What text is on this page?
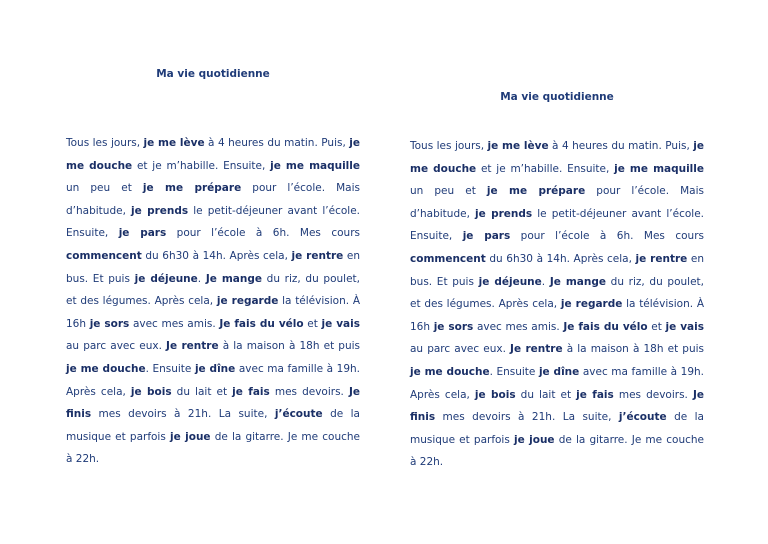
Ma vie quotidienne

Tous les jours, je me lève à 4 heures du matin. Puis, je me douche et je m’habille. Ensuite, je me maquille un peu et je me prépare pour l’école. Mais d’habitude, je prends le petit-déjeuner avant l’école. Ensuite, je pars pour l’école à 6h. Mes cours commencent du 6h30 à 14h. Après cela, je rentre en bus. Et puis je déjeune. Je mange du riz, du poulet, et des légumes. Après cela, je regarde la télévision. À 16h je sors avec mes amis. Je fais du vélo et je vais au parc avec eux. Je rentre à la maison à 18h et puis je me douche. Ensuite je dîne avec ma famille à 19h. Après cela, je bois du lait et je fais mes devoirs. Je finis mes devoirs à 21h. La suite, j’écoute de la musique et parfois je joue de la gitarre. Je me couche à 22h.

Ma vie quotidienne

Tous les jours, je me lève à 4 heures du matin. Puis, je me douche et je m’habille. Ensuite, je me maquille un peu et je me prépare pour l’école. Mais d’habitude, je prends le petit-déjeuner avant l’école. Ensuite, je pars pour l’école à 6h. Mes cours commencent du 6h30 à 14h. Après cela, je rentre en bus. Et puis je déjeune. Je mange du riz, du poulet, et des légumes. Après cela, je regarde la télévision. À 16h je sors avec mes amis. Je fais du vélo et je vais au parc avec eux. Je rentre à la maison à 18h et puis je me douche. Ensuite je dîne avec ma famille à 19h. Après cela, je bois du lait et je fais mes devoirs. Je finis mes devoirs à 21h. La suite, j’écoute de la musique et parfois je joue de la gitarre. Je me couche à 22h.
